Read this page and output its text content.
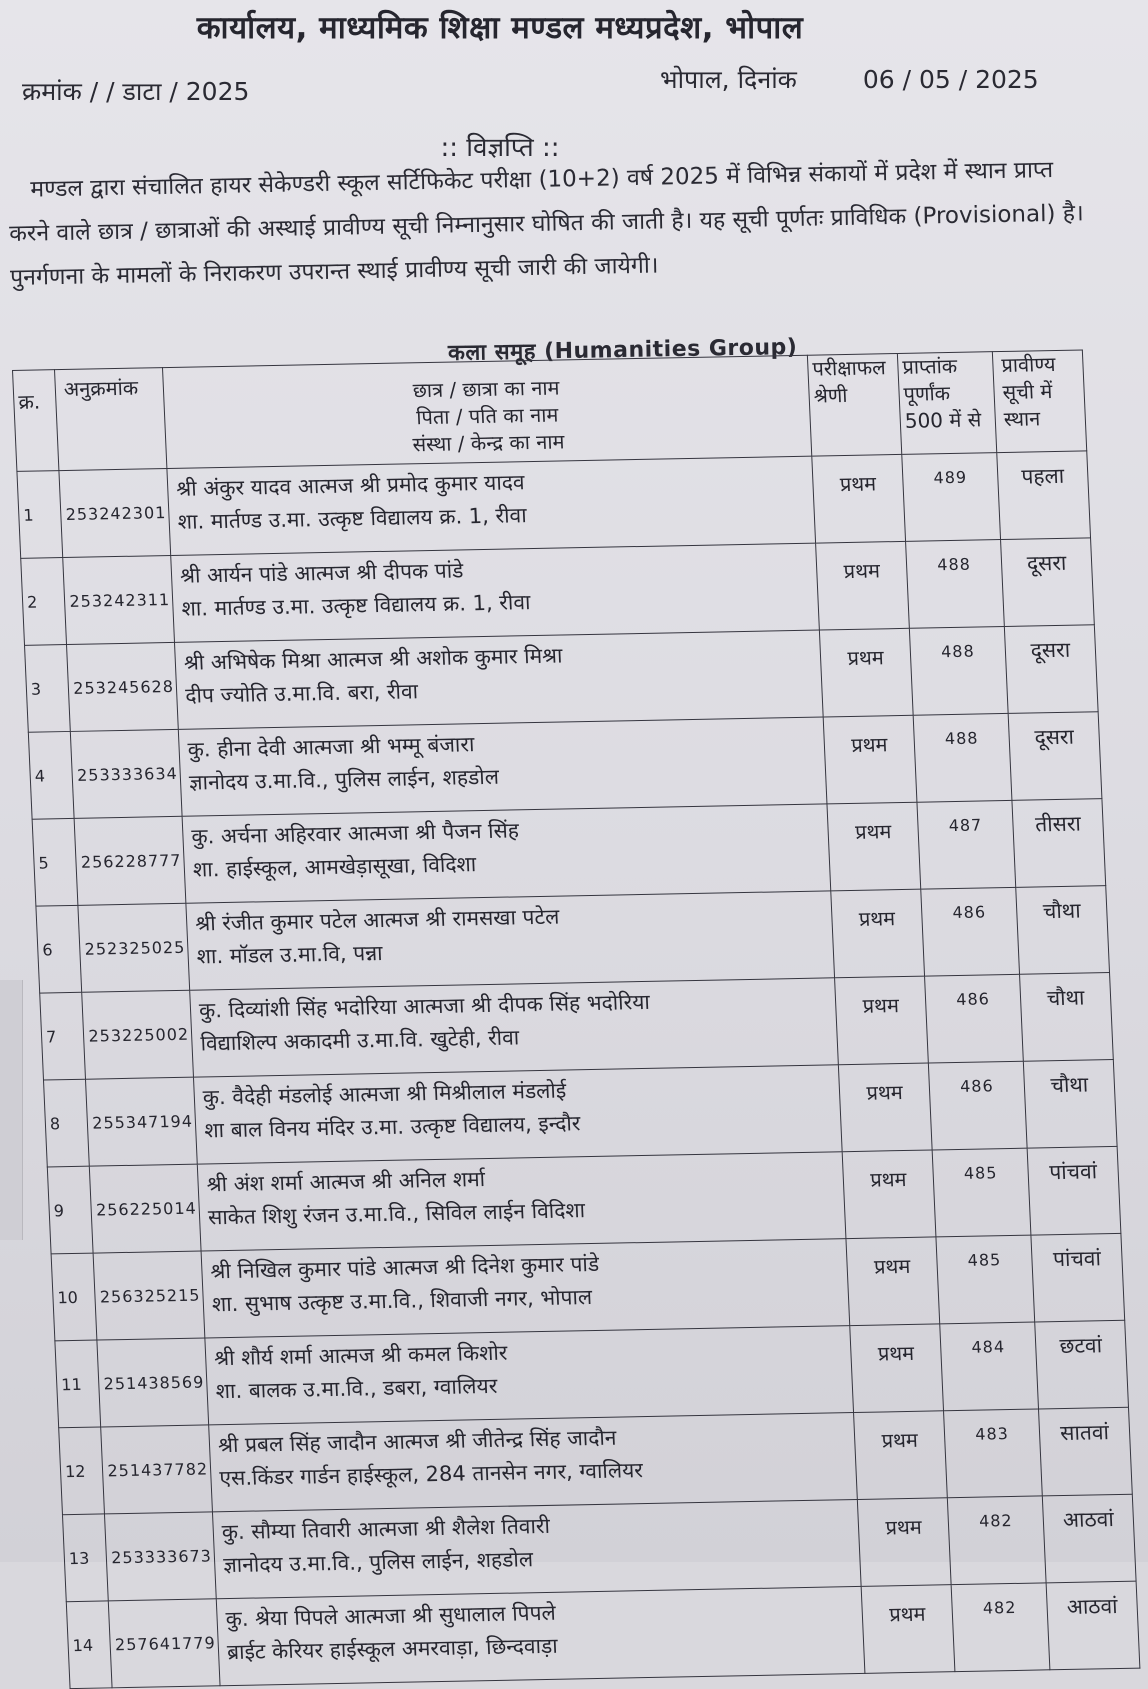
कार्यालय, माध्यमिक शिक्षा मण्डल मध्यप्रदेश, भोपाल
क्रमांक / / डाटा / 2025	भोपाल, दिनांक	06 / 05 / 2025
:: विज्ञप्ति ::
मण्डल द्वारा संचालित हायर सेकेण्डरी स्कूल सर्टिफिकेट परीक्षा (10+2) वर्ष 2025 में विभिन्न संकायों में प्रदेश में स्थान प्राप्त करने वाले छात्र / छात्राओं की अस्थाई प्रावीण्य सूची निम्नानुसार घोषित की जाती है। यह सूची पूर्णतः प्राविधिक (Provisional) है। पुनर्गणना के मामलों के निराकरण उपरान्त स्थाई प्रावीण्य सूची जारी की जायेगी।
कला समूह (Humanities Group)
क्र.	अनुक्रमांक	छात्र / छात्रा का नाम
पिता / पति का नाम
संस्था / केन्द्र का नाम	परीक्षाफल श्रेणी	प्राप्तांक पूर्णांक 500 में से	प्रावीण्य सूची में स्थान
1	253242301	श्री अंकुर यादव आत्मज श्री प्रमोद कुमार यादव
शा. मार्तण्ड उ.मा. उत्कृष्ट विद्यालय क्र. 1, रीवा	प्रथम	489	पहला
2	253242311	श्री आर्यन पांडे आत्मज श्री दीपक पांडे
शा. मार्तण्ड उ.मा. उत्कृष्ट विद्यालय क्र. 1, रीवा	प्रथम	488	दूसरा
3	253245628	श्री अभिषेक मिश्रा आत्मज श्री अशोक कुमार मिश्रा
दीप ज्योति उ.मा.वि. बरा, रीवा	प्रथम	488	दूसरा
4	253333634	कु. हीना देवी आत्मजा श्री भम्मू बंजारा
ज्ञानोदय उ.मा.वि., पुलिस लाईन, शहडोल	प्रथम	488	दूसरा
5	256228777	कु. अर्चना अहिरवार आत्मजा श्री पैजन सिंह
शा. हाईस्कूल, आमखेड़ासूखा, विदिशा	प्रथम	487	तीसरा
6	252325025	श्री रंजीत कुमार पटेल आत्मज श्री रामसखा पटेल
शा. मॉडल उ.मा.वि, पन्ना	प्रथम	486	चौथा
7	253225002	कु. दिव्यांशी सिंह भदोरिया आत्मजा श्री दीपक सिंह भदोरिया
विद्याशिल्प अकादमी उ.मा.वि. खुटेही, रीवा	प्रथम	486	चौथा
8	255347194	कु. वैदेही मंडलोई आत्मजा श्री मिश्रीलाल मंडलोई
शा बाल विनय मंदिर उ.मा. उत्कृष्ट विद्यालय, इन्दौर	प्रथम	486	चौथा
9	256225014	श्री अंश शर्मा आत्मज श्री अनिल शर्मा
साकेत शिशु रंजन उ.मा.वि., सिविल लाईन विदिशा	प्रथम	485	पांचवां
10	256325215	श्री निखिल कुमार पांडे आत्मज श्री दिनेश कुमार पांडे
शा. सुभाष उत्कृष्ट उ.मा.वि., शिवाजी नगर, भोपाल	प्रथम	485	पांचवां
11	251438569	श्री शौर्य शर्मा आत्मज श्री कमल किशोर
शा. बालक उ.मा.वि., डबरा, ग्वालियर	प्रथम	484	छटवां
12	251437782	श्री प्रबल सिंह जादौन आत्मज श्री जीतेन्द्र सिंह जादौन
एस.किंडर गार्डन हाईस्कूल, 284 तानसेन नगर, ग्वालियर	प्रथम	483	सातवां
13	253333673	कु. सौम्या तिवारी आत्मजा श्री शैलेश तिवारी
ज्ञानोदय उ.मा.वि., पुलिस लाईन, शहडोल	प्रथम	482	आठवां
14	257641779	कु. श्रेया पिपले आत्मजा श्री सुधालाल पिपले
ब्राईट केरियर हाईस्कूल अमरवाड़ा, छिन्दवाड़ा	प्रथम	482	आठवां
